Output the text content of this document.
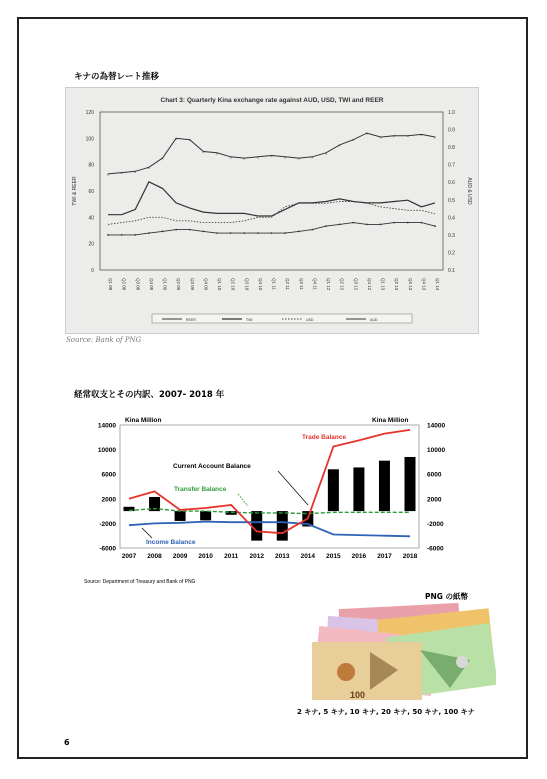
キナの為替レート推移
Chart 3: Quarterly Kina exchange rate against AUD, USD, TWI and REER
0
20
40
60
80
100
120
0.1
0.2
0.3
0.4
0.5
0.6
0.7
0.8
0.9
1.0
TWI & REER	AUD & USD
Q1 08 Q2 08 Q3 08 Q4 08 Q1 09 Q2 09 Q3 09 Q4 09 Q1 10 Q2 10 Q3 10 Q4 10 Q1 11 Q2 11 Q3 11 Q4 11 Q1 12 Q2 12 Q3 12 Q4 12 Q1 13 Q2 13 Q3 13 Q4 13 Q1 14
x	x	x
x
x
x	x
x	x
x	x	x	x	x	x	x
x
x
x
x
x	x	x	x
x
REER	TWI	USD	AUD
Source: Bank of PNG
経常収支とその内訳、2007- 2018 年
-6000
-2000
2000
6000
10000
14000
-6000
-2000
2000
6000
10000
14000
Kina Million	Kina Million
2007 2008 2009 2010 2011 2012 2013 2014 2015 2016 2017 2018
Trade Balance
Current Account Balance
Transfer Balance
Income Balance
Source: Department of Treasury and Bank of PNG
PNG の紙幣
100
2 キナ, 5 キナ, 10 キナ, 20 キナ, 50 キナ, 100 キナ
6
